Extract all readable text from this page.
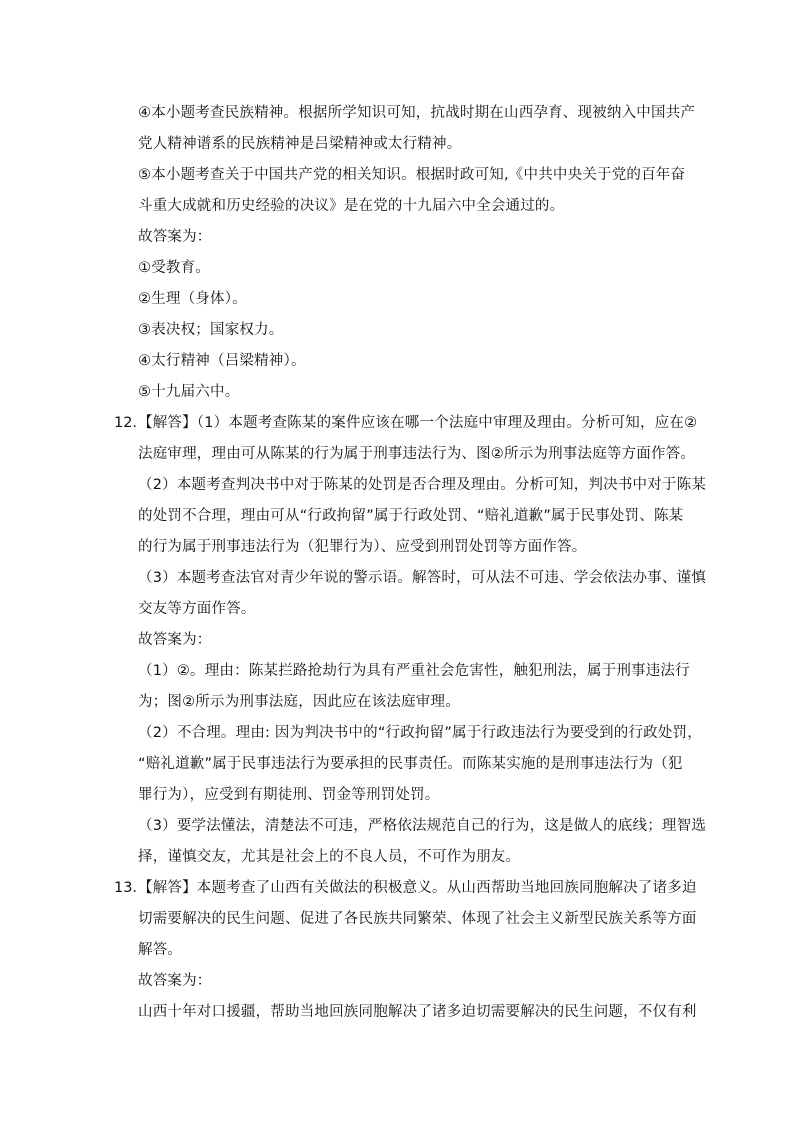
④本小题考查民族精神。根据所学知识可知，抗战时期在山西孕育、现被纳入中国共产
党人精神谱系的民族精神是吕梁精神或太行精神。
⑤本小题考查关于中国共产党的相关知识。根据时政可知,《中共中央关于党的百年奋
斗重大成就和历史经验的决议》是在党的十九届六中全会通过的。
故答案为：
①受教育。
②生理（身体）。
③表决权；国家权力。
④太行精神（吕梁精神）。
⑤十九届六中。
12．
【解答】（1）本题考查陈某的案件应该在哪一个法庭中审理及理由。分析可知，应在②
法庭审理，理由可从陈某的行为属于刑事违法行为、图②所示为刑事法庭等方面作答。
（2）本题考查判决书中对于陈某的处罚是否合理及理由。分析可知，判决书中对于陈某
的处罚不合理，理由可从“行政拘留”属于行政处罚、“赔礼道歉”属于民事处罚、陈某
的行为属于刑事违法行为（犯罪行为）、应受到刑罚处罚等方面作答。
（3）本题考查法官对青少年说的警示语。解答时，可从法不可违、学会依法办事、谨慎
交友等方面作答。
故答案为：
（1）②。理由：陈某拦路抢劫行为具有严重社会危害性，触犯刑法，属于刑事违法行
为；图②所示为刑事法庭，因此应在该法庭审理。
（2）不合理。理由: 因为判决书中的“行政拘留”属于行政违法行为要受到的行政处罚，
“赔礼道歉”属于民事违法行为要承担的民事责任。而陈某实施的是刑事违法行为（犯
罪行为），应受到有期徒刑、罚金等刑罚处罚。
（3）要学法懂法，清楚法不可违，严格依法规范自己的行为，这是做人的底线；理智选
择，谨慎交友，尤其是社会上的不良人员，不可作为朋友。
13．
【解答】本题考查了山西有关做法的积极意义。从山西帮助当地回族同胞解决了诸多迫
切需要解决的民生问题、促进了各民族共同繁荣、体现了社会主义新型民族关系等方面
解答。
故答案为：
山西十年对口援疆，帮助当地回族同胞解决了诸多迫切需要解决的民生问题，不仅有利
